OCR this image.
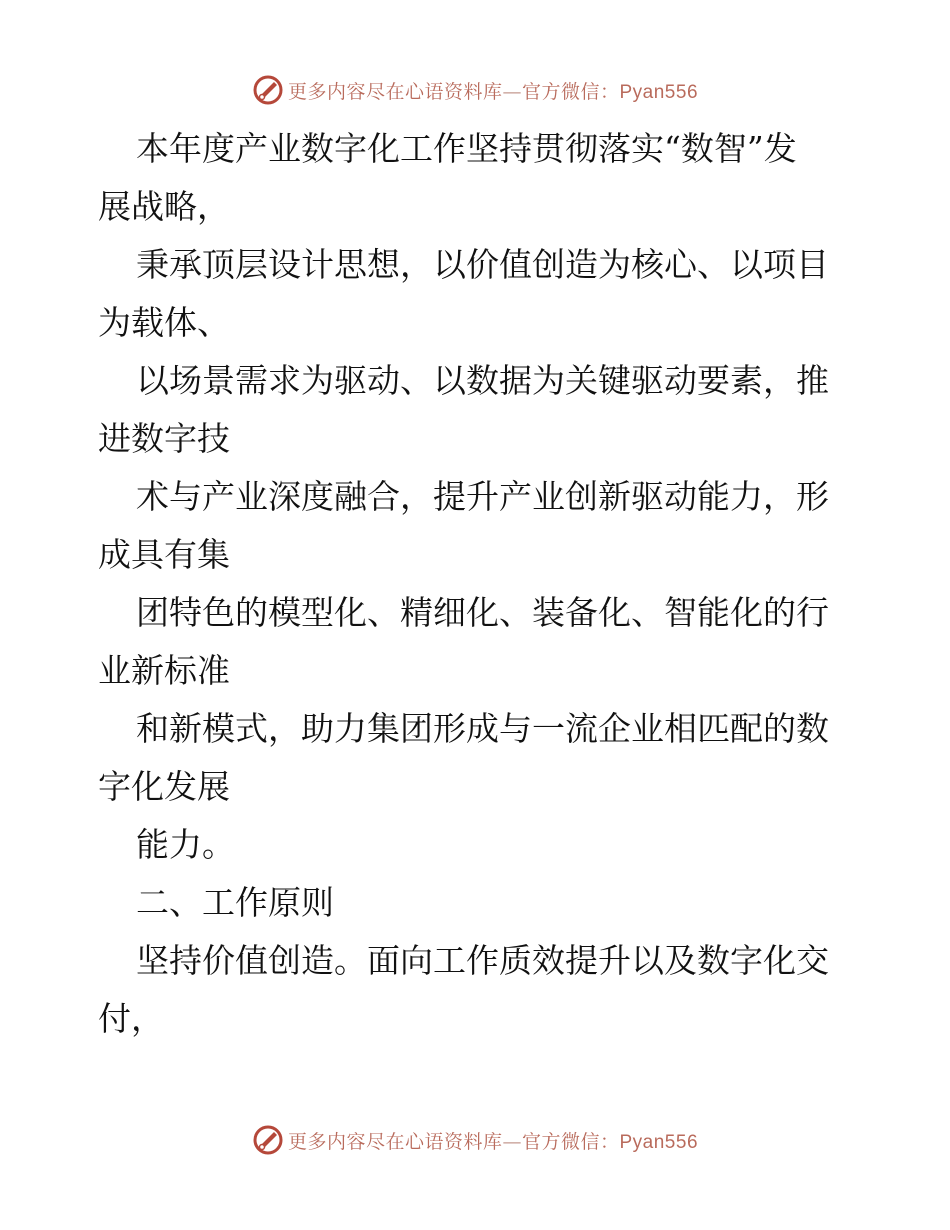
更多内容尽在心语资料库—官方微信：Pyan556

本年度产业数字化工作坚持贯彻落实“数智”发
展战略，

秉承顶层设计思想，以价值创造为核心、以项目
为载体、

以场景需求为驱动、以数据为关键驱动要素，推
进数字技

术与产业深度融合，提升产业创新驱动能力，形
成具有集

团特色的模型化、精细化、装备化、智能化的行
业新标准

和新模式，助力集团形成与一流企业相匹配的数
字化发展

能力。

二、工作原则

坚持价值创造。面向工作质效提升以及数字化交
付，

更多内容尽在心语资料库—官方微信：Pyan556
